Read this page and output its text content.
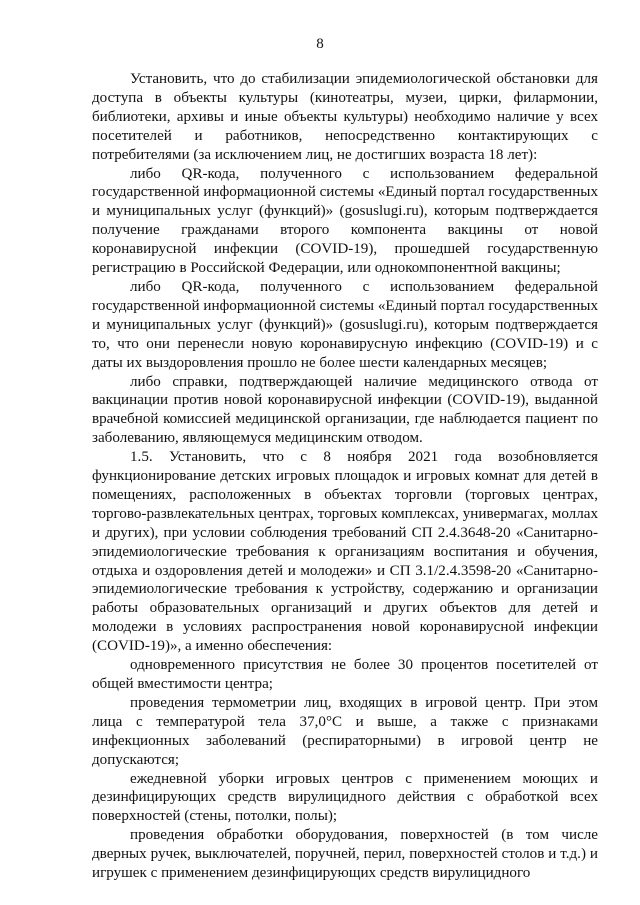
8

Установить, что до стабилизации эпидемиологической обстановки для доступа в объекты культуры (кинотеатры, музеи, цирки, филармонии, библиотеки, архивы и иные объекты культуры) необходимо наличие у всех посетителей и работников, непосредственно контактирующих с потребителями (за исключением лиц, не достигших возраста 18 лет):

либо QR-кода, полученного с использованием федеральной государственной информационной системы «Единый портал государственных и муниципальных услуг (функций)» (gosuslugi.ru), которым подтверждается получение гражданами второго компонента вакцины от новой коронавирусной инфекции (COVID-19), прошедшей государственную регистрацию в Российской Федерации, или однокомпонентной вакцины;

либо QR-кода, полученного с использованием федеральной государственной информационной системы «Единый портал государственных и муниципальных услуг (функций)» (gosuslugi.ru), которым подтверждается то, что они перенесли новую коронавирусную инфекцию (COVID-19) и с даты их выздоровления прошло не более шести календарных месяцев;

либо справки, подтверждающей наличие медицинского отвода от вакцинации против новой коронавирусной инфекции (COVID-19), выданной врачебной комиссией медицинской организации, где наблюдается пациент по заболеванию, являющемуся медицинским отводом.

1.5. Установить, что с 8 ноября 2021 года возобновляется функционирование детских игровых площадок и игровых комнат для детей в помещениях, расположенных в объектах торговли (торговых центрах, торгово-развлекательных центрах, торговых комплексах, универмагах, моллах и других), при условии соблюдения требований СП 2.4.3648-20 «Санитарно-эпидемиологические требования к организациям воспитания и обучения, отдыха и оздоровления детей и молодежи» и СП 3.1/2.4.3598-20 «Санитарно-эпидемиологические требования к устройству, содержанию и организации работы образовательных организаций и других объектов для детей и молодежи в условиях распространения новой коронавирусной инфекции (COVID-19)», а именно обеспечения:

одновременного присутствия не более 30 процентов посетителей от общей вместимости центра;

проведения термометрии лиц, входящих в игровой центр. При этом лица с температурой тела 37,0°С и выше, а также с признаками инфекционных заболеваний (респираторными) в игровой центр не допускаются;

ежедневной уборки игровых центров с применением моющих и дезинфицирующих средств вирулицидного действия с обработкой всех поверхностей (стены, потолки, полы);

проведения обработки оборудования, поверхностей (в том числе дверных ручек, выключателей, поручней, перил, поверхностей столов и т.д.) и игрушек с применением дезинфицирующих средств вирулицидного
